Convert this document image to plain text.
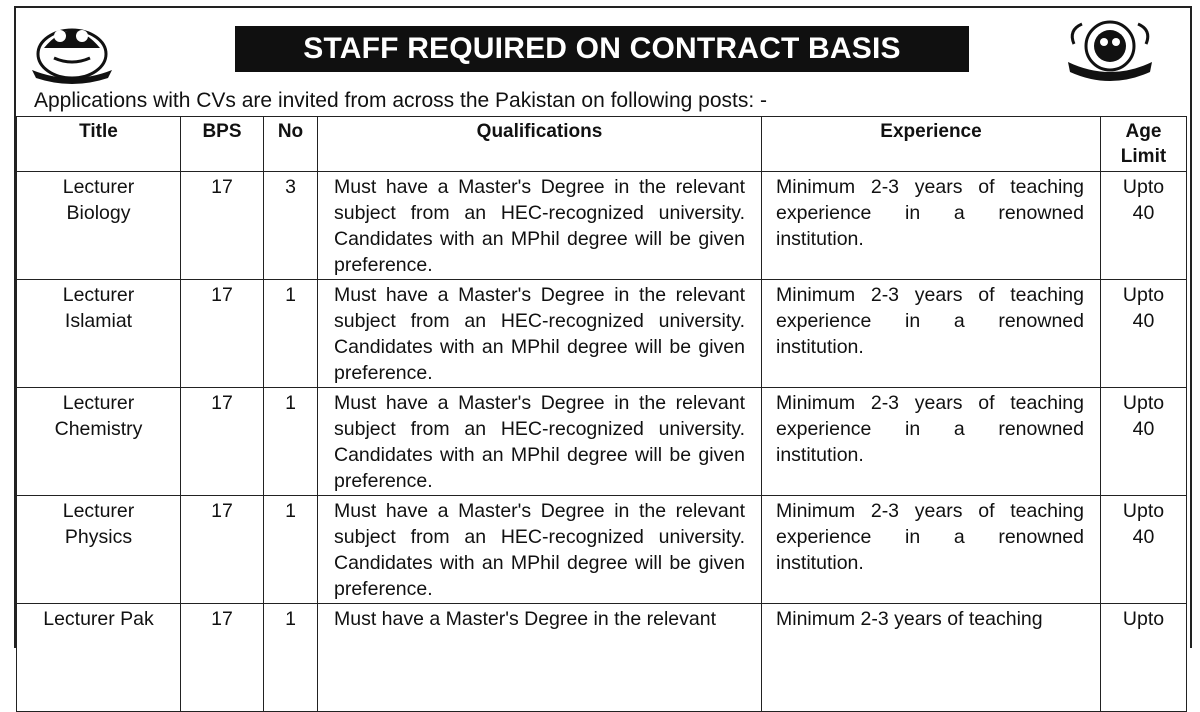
STAFF REQUIRED ON CONTRACT BASIS
Applications with CVs are invited from across the Pakistan on following posts: -
Title	BPS	No	Qualifications	Experience	Age
Limit

Lecturer
Biology	17	3	Must have a Master's Degree in the relevant subject from an HEC-recognized university. Candidates with an MPhil degree will be given preference.	Minimum 2-3 years of teaching experience in a renowned institution.	Upto
40

Lecturer
Islamiat	17	1	Must have a Master's Degree in the relevant subject from an HEC-recognized university. Candidates with an MPhil degree will be given preference.	Minimum 2-3 years of teaching experience in a renowned institution.	Upto
40

Lecturer
Chemistry	17	1	Must have a Master's Degree in the relevant subject from an HEC-recognized university. Candidates with an MPhil degree will be given preference.	Minimum 2-3 years of teaching experience in a renowned institution.	Upto
40

Lecturer
Physics	17	1	Must have a Master's Degree in the relevant subject from an HEC-recognized university. Candidates with an MPhil degree will be given preference.	Minimum 2-3 years of teaching experience in a renowned institution.	Upto
40

Lecturer Pak	17	1	Must have a Master's Degree in the relevant	Minimum 2-3 years of teaching	Upto
